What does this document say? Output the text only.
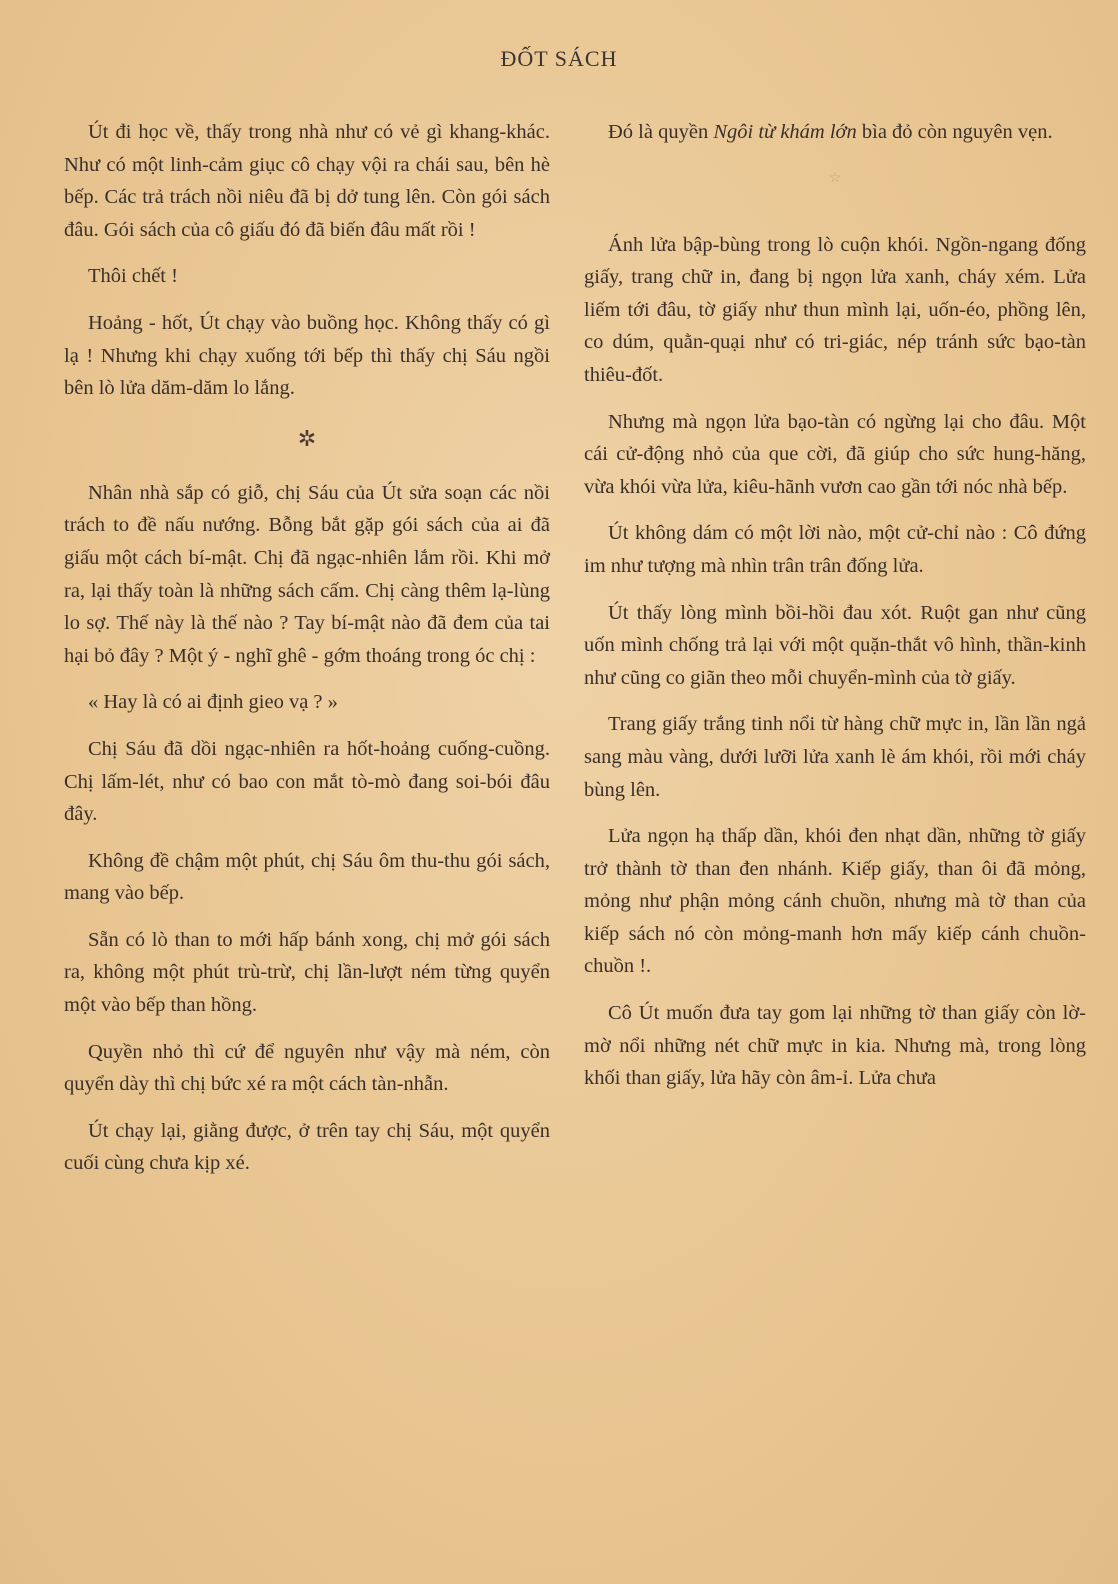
ĐỐT SÁCH

Út đi học về, thấy trong nhà như có vẻ gì khang-khác. Như có một linh-cảm giục cô chạy vội ra chái sau, bên hè bếp. Các trả trách nồi niêu đã bị dở tung lên. Còn gói sách đâu. Gói sách của cô giấu đó đã biến đâu mất rồi !

Thôi chết !

Hoảng - hốt, Út chạy vào buồng học. Không thấy có gì lạ ! Nhưng khi chạy xuống tới bếp thì thấy chị Sáu ngồi bên lò lửa dăm-dăm lo lắng.

✲

Nhân nhà sắp có giỗ, chị Sáu của Út sửa soạn các nồi trách to đề nấu nướng. Bỗng bắt gặp gói sách của ai đã giấu một cách bí-mật. Chị đã ngạc-nhiên lắm rồi. Khi mở ra, lại thấy toàn là những sách cấm. Chị càng thêm lạ-lùng lo sợ. Thế này là thế nào ? Tay bí-mật nào đã đem của tai hại bỏ đây ? Một ý - nghĩ ghê - gớm thoáng trong óc chị :

« Hay là có ai định gieo vạ ? »

Chị Sáu đã dồi ngạc-nhiên ra hốt-hoảng cuống-cuồng. Chị lấm-lét, như có bao con mắt tò-mò đang soi-bói đâu đây.

Không đề chậm một phút, chị Sáu ôm thu-thu gói sách, mang vào bếp.

Sẵn có lò than to mới hấp bánh xong, chị mở gói sách ra, không một phút trù-trừ, chị lần-lượt ném từng quyển một vào bếp than hồng.

Quyền nhỏ thì cứ để nguyên như vậy mà ném, còn quyển dày thì chị bức xé ra một cách tàn-nhẫn.

Út chạy lại, giằng được, ở trên tay chị Sáu, một quyển cuối cùng chưa kịp xé.

Đó là quyền Ngôi từ khám lớn bìa đỏ còn nguyên vẹn.

☆

Ánh lửa bập-bùng trong lò cuộn khói. Ngồn-ngang đống giấy, trang chữ in, đang bị ngọn lửa xanh, cháy xém. Lửa liếm tới đâu, tờ giấy như thun mình lại, uốn-éo, phồng lên, co dúm, quằn-quại như có tri-giác, nép tránh sức bạo-tàn thiêu-đốt.

Nhưng mà ngọn lửa bạo-tàn có ngừng lại cho đâu. Một cái cử-động nhỏ của que cời, đã giúp cho sức hung-hăng, vừa khói vừa lửa, kiêu-hãnh vươn cao gần tới nóc nhà bếp.

Út không dám có một lời nào, một cử-chỉ nào : Cô đứng im như tượng mà nhìn trân trân đống lửa.

Út thấy lòng mình bồi-hồi đau xót. Ruột gan như cũng uốn mình chống trả lại với một quặn-thắt vô hình, thần-kinh như cũng co giãn theo mỗi chuyển-mình của tờ giấy.

Trang giấy trắng tinh nổi từ hàng chữ mực in, lần lần ngả sang màu vàng, dưới lưỡi lửa xanh lè ám khói, rồi mới cháy bùng lên.

Lửa ngọn hạ thấp dần, khói đen nhạt dần, những tờ giấy trở thành tờ than đen nhánh. Kiếp giấy, than ôi đã mỏng, mỏng như phận mỏng cánh chuồn, nhưng mà tờ than của kiếp sách nó còn mỏng-manh hơn mấy kiếp cánh chuồn-chuồn !.

Cô Út muốn đưa tay gom lại những tờ than giấy còn lờ-mờ nổi những nét chữ mực in kia. Nhưng mà, trong lòng khối than giấy, lửa hãy còn âm-ỉ. Lửa chưa
